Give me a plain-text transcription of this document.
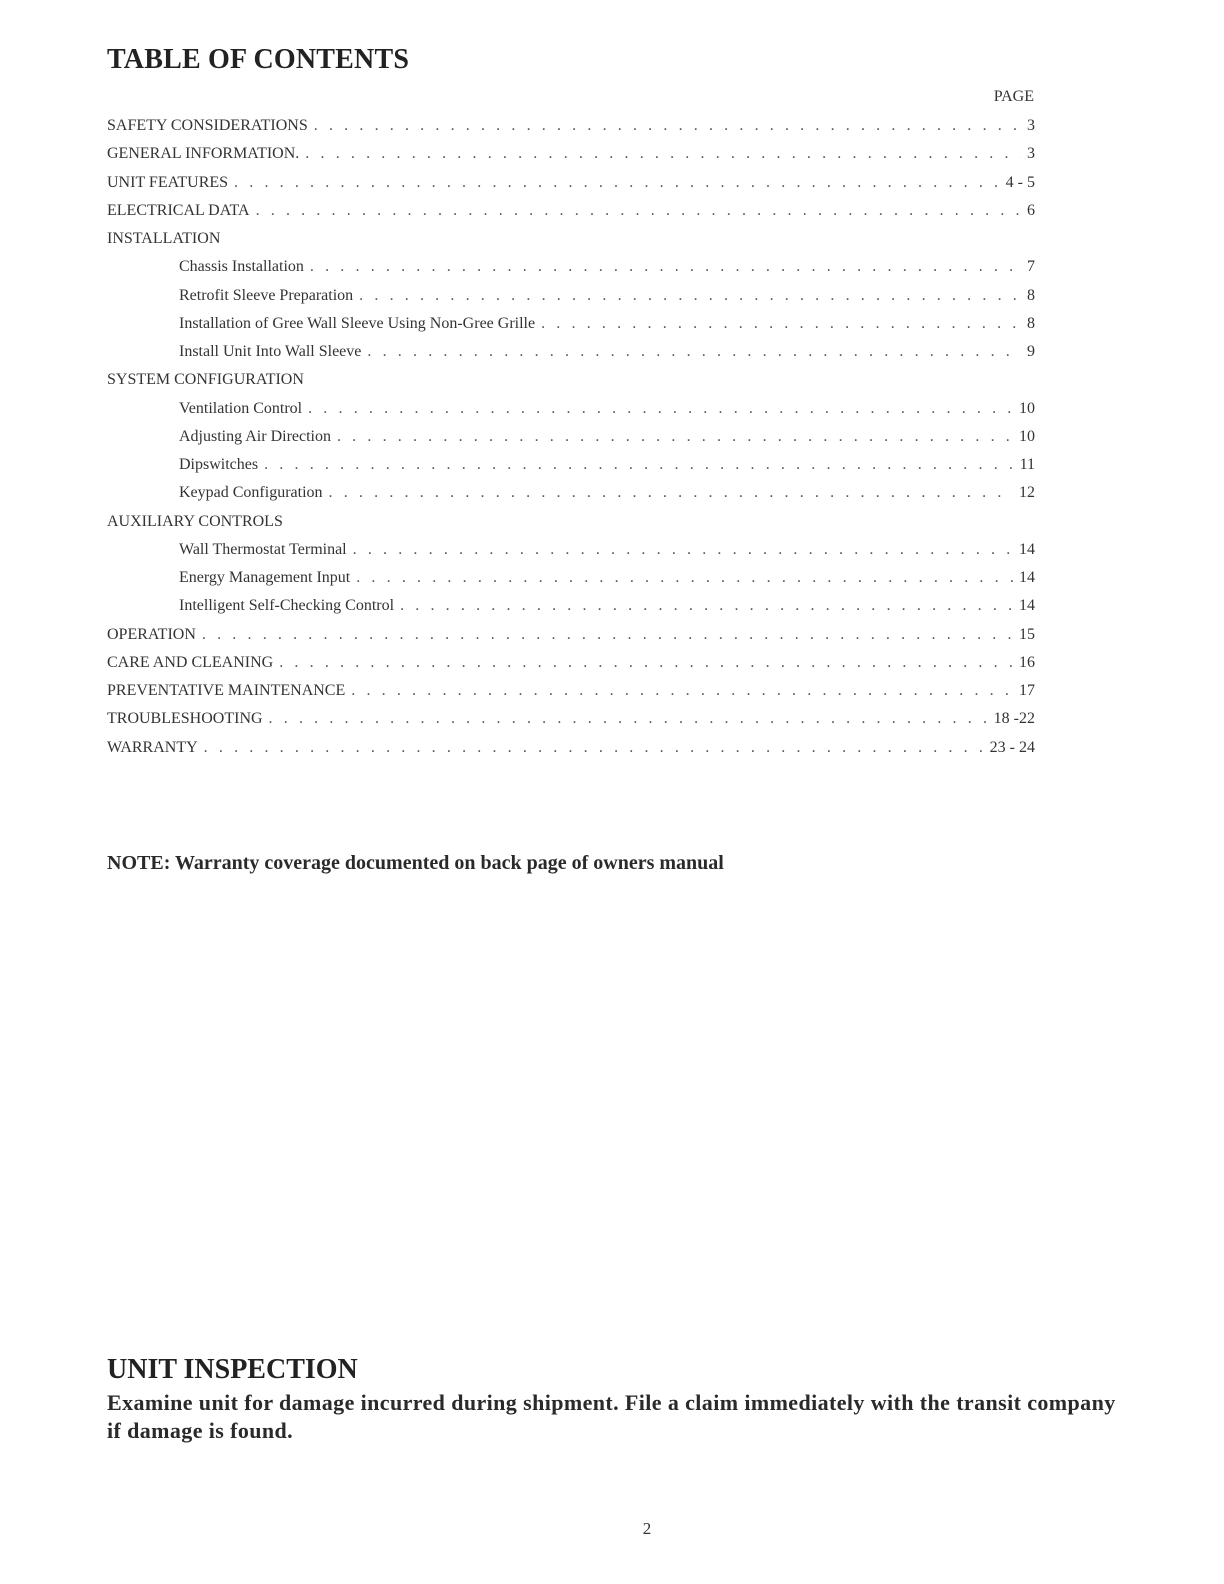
TABLE OF CONTENTS
PAGE
SAFETY CONSIDERATIONS . . .	3
GENERAL INFORMATION. . . .	3
UNIT FEATURES . . .	4 - 5
ELECTRICAL DATA . . .	6
INSTALLATION
Chassis Installation . . .	7
Retrofit Sleeve Preparation . . .	8
Installation of Gree Wall Sleeve Using Non-Gree Grille . . .	8
Install Unit Into Wall Sleeve . . .	9
SYSTEM CONFIGURATION
Ventilation Control . . .	10
Adjusting Air Direction . . .	10
Dipswitches . . .	11
Keypad Configuration . . .	12
AUXILIARY CONTROLS
Wall Thermostat Terminal . . .	14
Energy Management Input . . .	14
Intelligent Self-Checking Control . . .	14
OPERATION . . .	15
CARE AND CLEANING . . .	16
PREVENTATIVE MAINTENANCE . . .	17
TROUBLESHOOTING . . .	18 -22
WARRANTY . . .	23 - 24

NOTE: Warranty coverage documented on back page of owners manual

UNIT INSPECTION

Examine unit for damage incurred during shipment. File a claim immediately with the transit company if damage is found.

2
